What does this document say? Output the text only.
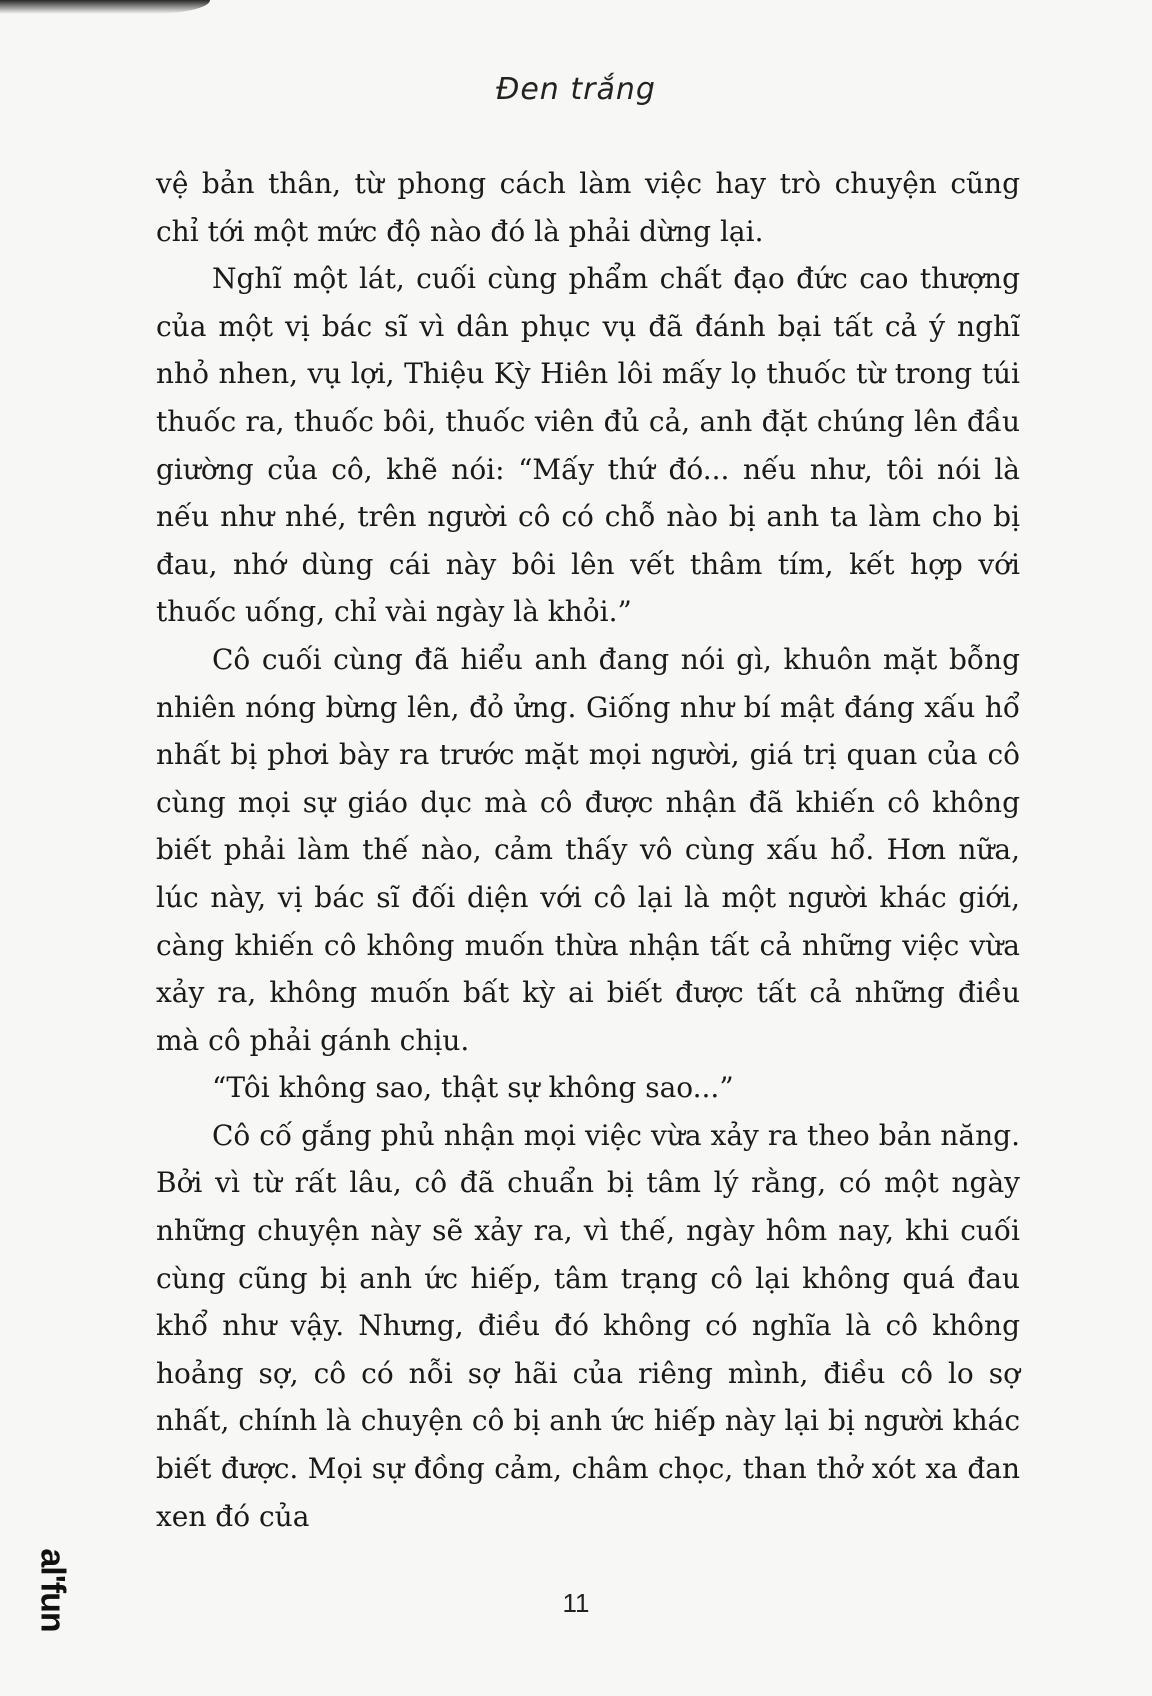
Đen trắng

vệ bản thân, từ phong cách làm việc hay trò chuyện cũng chỉ tới một mức độ nào đó là phải dừng lại.

Nghĩ một lát, cuối cùng phẩm chất đạo đức cao thượng của một vị bác sĩ vì dân phục vụ đã đánh bại tất cả ý nghĩ nhỏ nhen, vụ lợi, Thiệu Kỳ Hiên lôi mấy lọ thuốc từ trong túi thuốc ra, thuốc bôi, thuốc viên đủ cả, anh đặt chúng lên đầu giường của cô, khẽ nói: “Mấy thứ đó... nếu như, tôi nói là nếu như nhé, trên người cô có chỗ nào bị anh ta làm cho bị đau, nhớ dùng cái này bôi lên vết thâm tím, kết hợp với thuốc uống, chỉ vài ngày là khỏi.”

Cô cuối cùng đã hiểu anh đang nói gì, khuôn mặt bỗng nhiên nóng bừng lên, đỏ ửng. Giống như bí mật đáng xấu hổ nhất bị phơi bày ra trước mặt mọi người, giá trị quan của cô cùng mọi sự giáo dục mà cô được nhận đã khiến cô không biết phải làm thế nào, cảm thấy vô cùng xấu hổ. Hơn nữa, lúc này, vị bác sĩ đối diện với cô lại là một người khác giới, càng khiến cô không muốn thừa nhận tất cả những việc vừa xảy ra, không muốn bất kỳ ai biết được tất cả những điều mà cô phải gánh chịu.

“Tôi không sao, thật sự không sao...”

Cô cố gắng phủ nhận mọi việc vừa xảy ra theo bản năng. Bởi vì từ rất lâu, cô đã chuẩn bị tâm lý rằng, có một ngày những chuyện này sẽ xảy ra, vì thế, ngày hôm nay, khi cuối cùng cũng bị anh ức hiếp, tâm trạng cô lại không quá đau khổ như vậy. Nhưng, điều đó không có nghĩa là cô không hoảng sợ, cô có nỗi sợ hãi của riêng mình, điều cô lo sợ nhất, chính là chuyện cô bị anh ức hiếp này lại bị người khác biết được. Mọi sự đồng cảm, châm chọc, than thở xót xa đan xen đó của

al'fun	11
